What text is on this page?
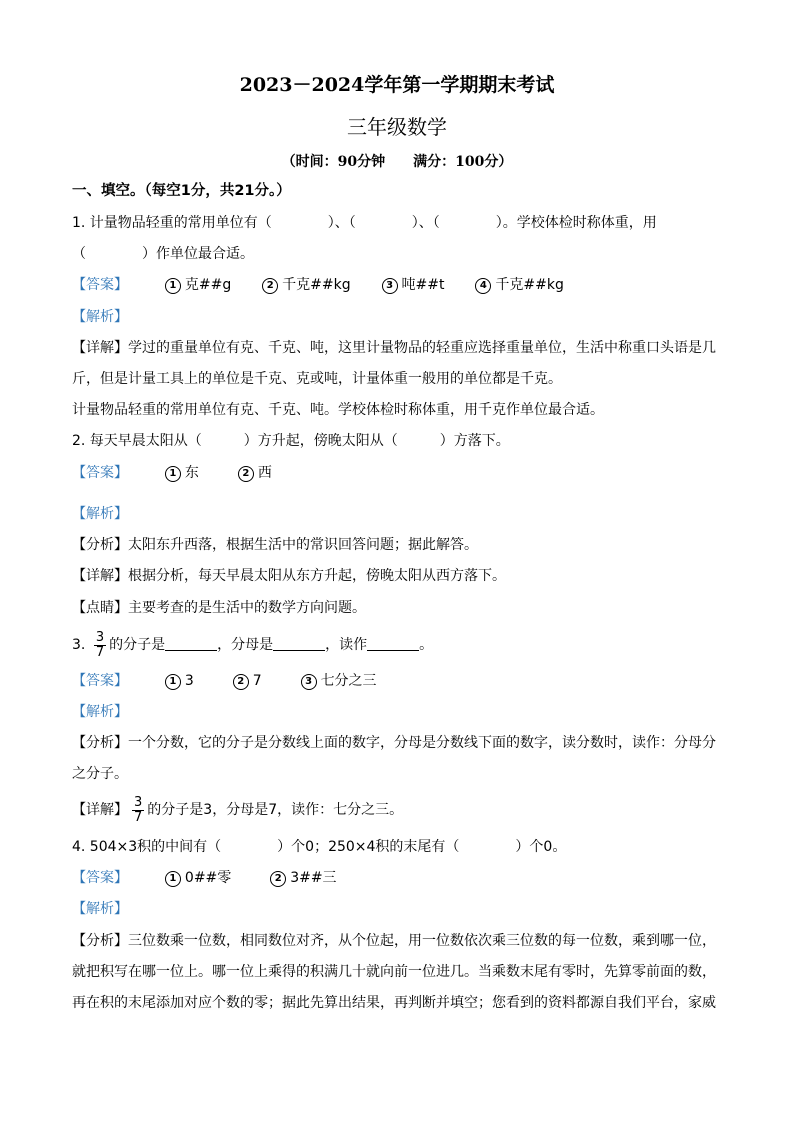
2023－2024学年第一学期期末考试
三年级数学
（时间：90分钟 满分：100分）
一、填空。（每空1分，共21分。）
1. 计量物品轻重的常用单位有（　　　　）、（　　　　）、（　　　　）。学校体检时称体重，用
（　　　　）作单位最合适。
【答案】	1 克##g	2 千克##kg	3 吨##t	4 千克##kg
【解析】
【详解】学过的重量单位有克、千克、吨，这里计量物品的轻重应选择重量单位，生活中称重口头语是几
斤，但是计量工具上的单位是千克、克或吨，计量体重一般用的单位都是千克。
计量物品轻重的常用单位有克、千克、吨。学校体检时称体重，用千克作单位最合适。
2. 每天早晨太阳从（　　　）方升起，傍晚太阳从（　　　）方落下。
【答案】	1 东	2 西
【解析】
【分析】太阳东升西落，根据生活中的常识回答问题；据此解答。
【详解】根据分析，每天早晨太阳从东方升起，傍晚太阳从西方落下。
【点睛】主要考查的是生活中的数学方向问题。
3. $\frac{3}{7}$ 的分子是	，分母是	，读作	。
【答案】	1 3	2 7	3 七分之三
【解析】
【分析】一个分数，它的分子是分数线上面的数字，分母是分数线下面的数字，读分数时，读作：分母分
之分子。
【详解】 $\frac{3}{7}$ 的分子是3，分母是7，读作：七分之三。
4. 504×3积的中间有（　　　　）个0；250×4积的末尾有（　　　　）个0。
【答案】	1 0##零	2 3##三
【解析】
【分析】三位数乘一位数，相同数位对齐，从个位起，用一位数依次乘三位数的每一位数，乘到哪一位，
就把积写在哪一位上。哪一位上乘得的积满几十就向前一位进几。当乘数末尾有零时，先算零前面的数，
再在积的末尾添加对应个数的零；据此先算出结果，再判断并填空；您看到的资料都源自我们平台，家威
